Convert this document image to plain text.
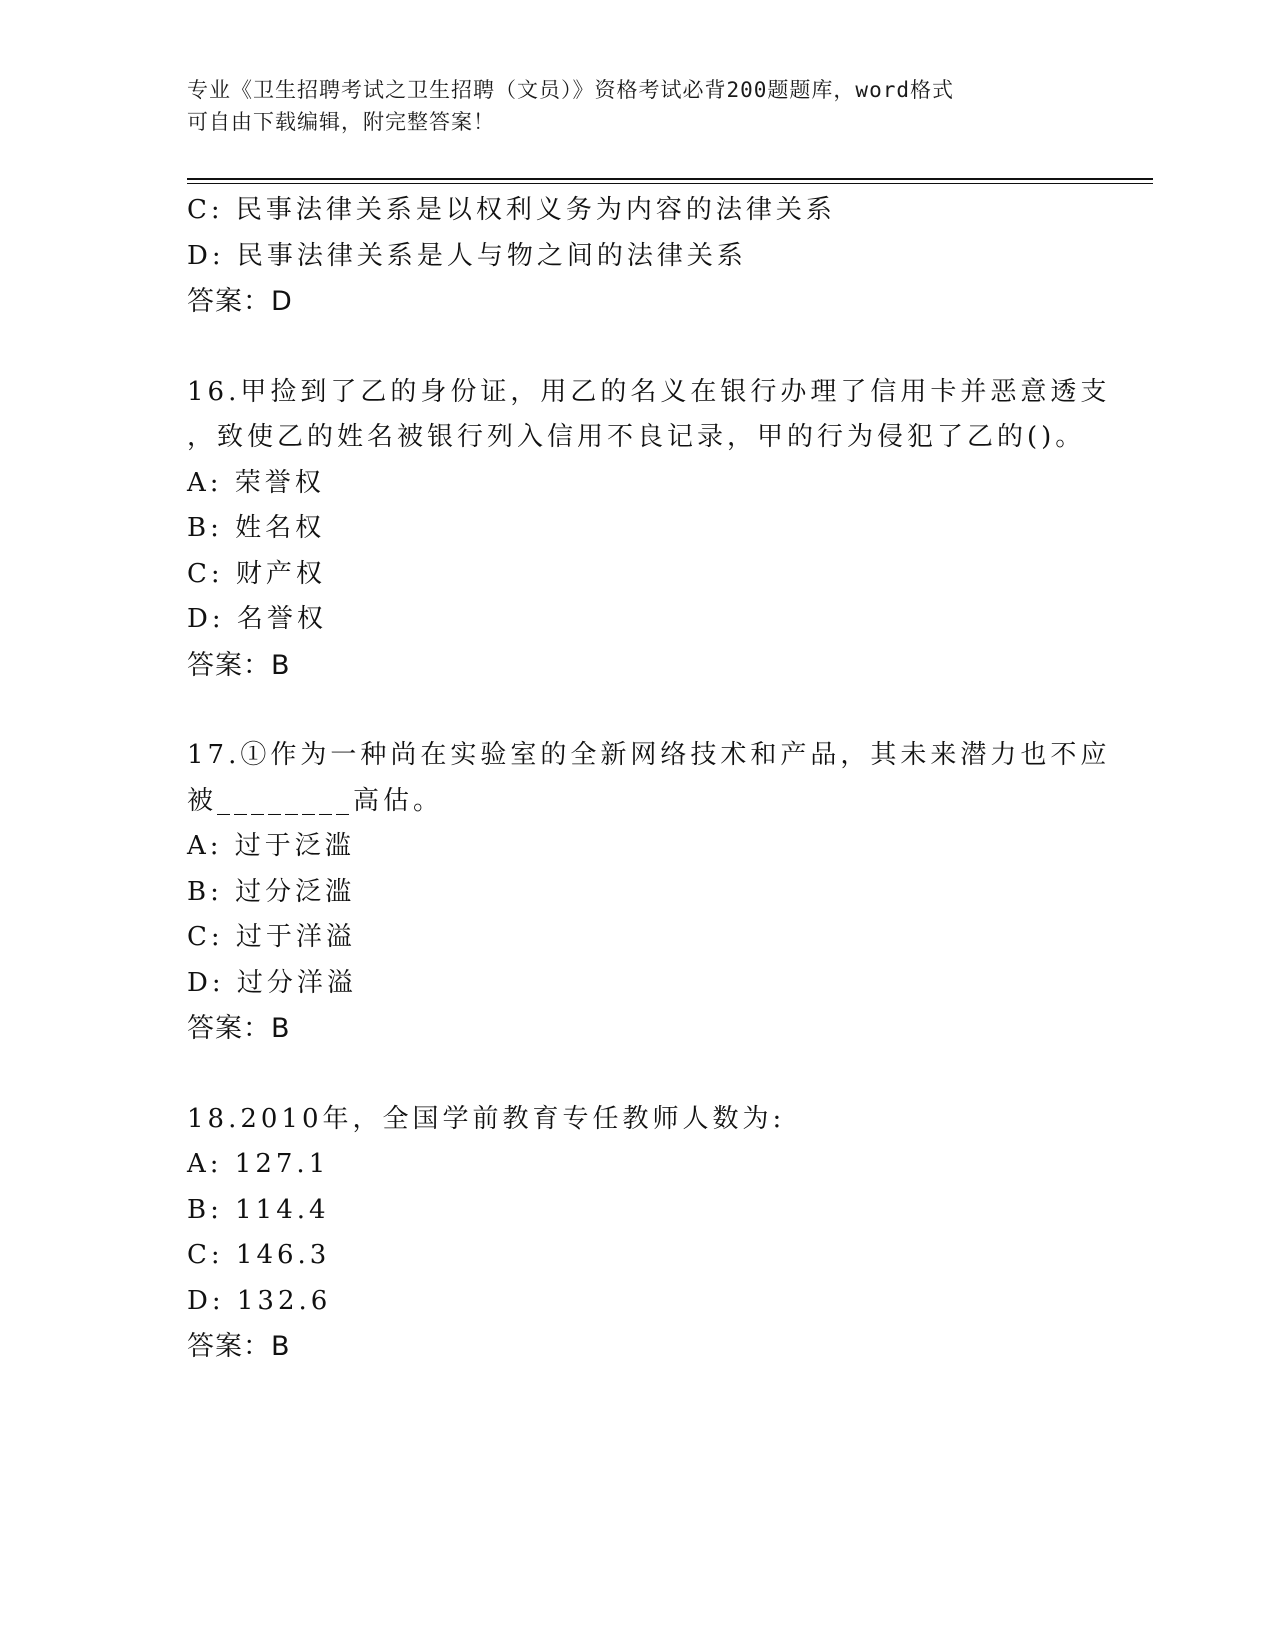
专业《卫生招聘考试之卫生招聘（文员）》资格考试必背200题题库，word格式
可自由下载编辑，附完整答案！
C: 民事法律关系是以权利义务为内容的法律关系
D: 民事法律关系是人与物之间的法律关系
答案：D
16.甲捡到了乙的身份证，用乙的名义在银行办理了信用卡并恶意透支
，致使乙的姓名被银行列入信用不良记录，甲的行为侵犯了乙的()。
A: 荣誉权
B: 姓名权
C: 财产权
D: 名誉权
答案：B
17.①作为一种尚在实验室的全新网络技术和产品，其未来潜力也不应
被________高估。
A: 过于泛滥
B: 过分泛滥
C: 过于洋溢
D: 过分洋溢
答案：B
18.2010年，全国学前教育专任教师人数为:
A: 127.1
B: 114.4
C: 146.3
D: 132.6
答案：B
